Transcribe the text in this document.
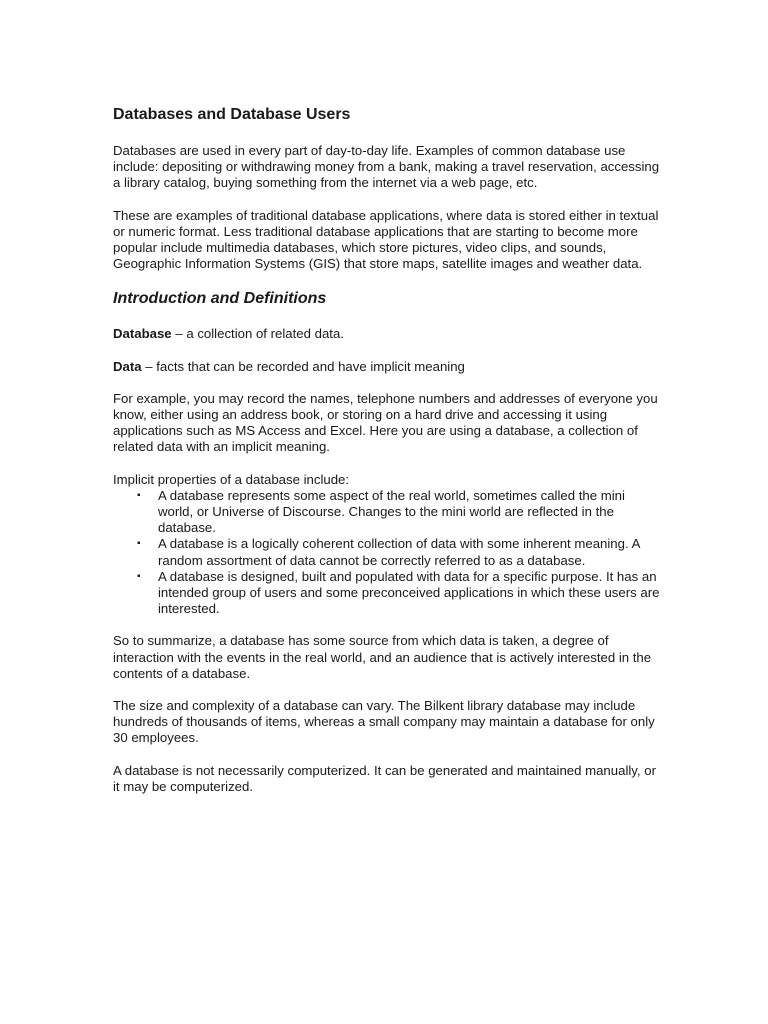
Databases and Database Users

Databases are used in every part of day-to-day life. Examples of common database use include: depositing or withdrawing money from a bank, making a travel reservation, accessing a library catalog, buying something from the internet via a web page, etc.

These are examples of traditional database applications, where data is stored either in textual or numeric format. Less traditional database applications that are starting to become more popular include multimedia databases, which store pictures, video clips, and sounds, Geographic Information Systems (GIS) that store maps, satellite images and weather data.

Introduction and Definitions

Database – a collection of related data.

Data – facts that can be recorded and have implicit meaning

For example, you may record the names, telephone numbers and addresses of everyone you know, either using an address book, or storing on a hard drive and accessing it using applications such as MS Access and Excel. Here you are using a database, a collection of related data with an implicit meaning.

Implicit properties of a database include:

▪ A database represents some aspect of the real world, sometimes called the mini world, or Universe of Discourse. Changes to the mini world are reflected in the database.
▪ A database is a logically coherent collection of data with some inherent meaning. A random assortment of data cannot be correctly referred to as a database.
▪ A database is designed, built and populated with data for a specific purpose. It has an intended group of users and some preconceived applications in which these users are interested.

So to summarize, a database has some source from which data is taken, a degree of interaction with the events in the real world, and an audience that is actively interested in the contents of a database.

The size and complexity of a database can vary. The Bilkent library database may include hundreds of thousands of items, whereas a small company may maintain a database for only 30 employees.

A database is not necessarily computerized. It can be generated and maintained manually, or it may be computerized.
